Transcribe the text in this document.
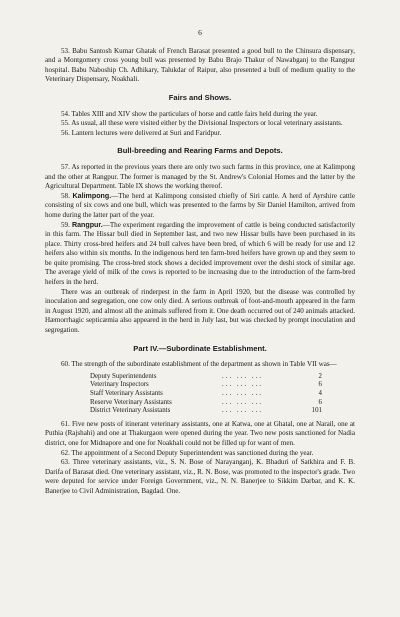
6

53. Babu Santosh Kumar Ghatak of French Barasat presented a good bull to the Chinsura dispensary, and a Montgomery cross young bull was presented by Babu Brajo Thakur of Nawabganj to the Rangpur hospital. Babu Naboship Ch. Adhikary, Talukdar of Raipur, also presented a bull of medium quality to the Veterinary Dispensary, Noakhali.

Fairs and Shows.

54. Tables XIII and XIV show the particulars of horse and cattle fairs held during the year.

55. As usual, all these were visited either by the Divisional Inspectors or local veterinary assistants.

56. Lantern lectures were delivered at Suri and Faridpur.

Bull-breeding and Rearing Farms and Depots.

57. As reported in the previous years there are only two such farms in this province, one at Kalimpong and the other at Rangpur. The former is managed by the St. Andrew's Colonial Homes and the latter by the Agricultural Department. Table IX shows the working thereof.

58. Kalimpong.—The herd at Kalimpong consisted chiefly of Siri cattle. A herd of Ayrshire cattle consisting of six cows and one bull, which was presented to the farms by Sir Daniel Hamilton, arrived from home during the latter part of the year.

59. Rangpur.—The experiment regarding the improvement of cattle is being conducted satisfactorily in this farm. The Hissar bull died in September last, and two new Hissar bulls have been purchased in its place. Thirty cross-bred heifers and 24 bull calves have been bred, of which 6 will be ready for use and 12 heifers also within six months. In the indigenous herd ten farm-bred heifers have grown up and they seem to be quite promising. The cross-bred stock shows a decided improvement over the deshi stock of similar age. The average yield of milk of the cows is reported to be increasing due to the introduction of the farm-bred heifers in the herd.

There was an outbreak of rinderpest in the farm in April 1920, but the disease was controlled by inoculation and segregation, one cow only died. A serious outbreak of foot-and-mouth appeared in the farm in August 1920, and almost all the animals suffered from it. One death occurred out of 240 animals attacked. Hæmorrhagic septicæmia also appeared in the herd in July last, but was checked by prompt inoculation and segregation.

Part IV.—Subordinate Establishment.

60. The strength of the subordinate establishment of the department as shown in Table VII was—

Deputy Superintendents	... ... ...	2
Veterinary Inspectors	... ... ...	6
Staff Veterinary Assistants	... ... ...	4
Reserve Veterinary Assistants	... ... ...	6
District Veterinary Assistants	... ... ...	101

61. Five new posts of itinerant veterinary assistants, one at Katwa, one at Ghatal, one at Narail, one at Puthia (Rajshahi) and one at Thakurgaon were opened during the year. Two new posts sanctioned for Nadia district, one for Midnapore and one for Noakhali could not be filled up for want of men.

62. The appointment of a Second Deputy Superintendent was sanctioned during the year.

63. Three veterinary assistants, viz., S. N. Bose of Narayanganj, K. Bhaduri of Satkhira and F. B. Darifa of Barasat died. One veterinary assistant, viz., R. N. Bose, was promoted to the inspector's grade. Two were deputed for service under Foreign Government, viz., N. N. Banerjee to Sikkim Darbar, and K. K. Banerjee to Civil Administration, Bagdad. One.
